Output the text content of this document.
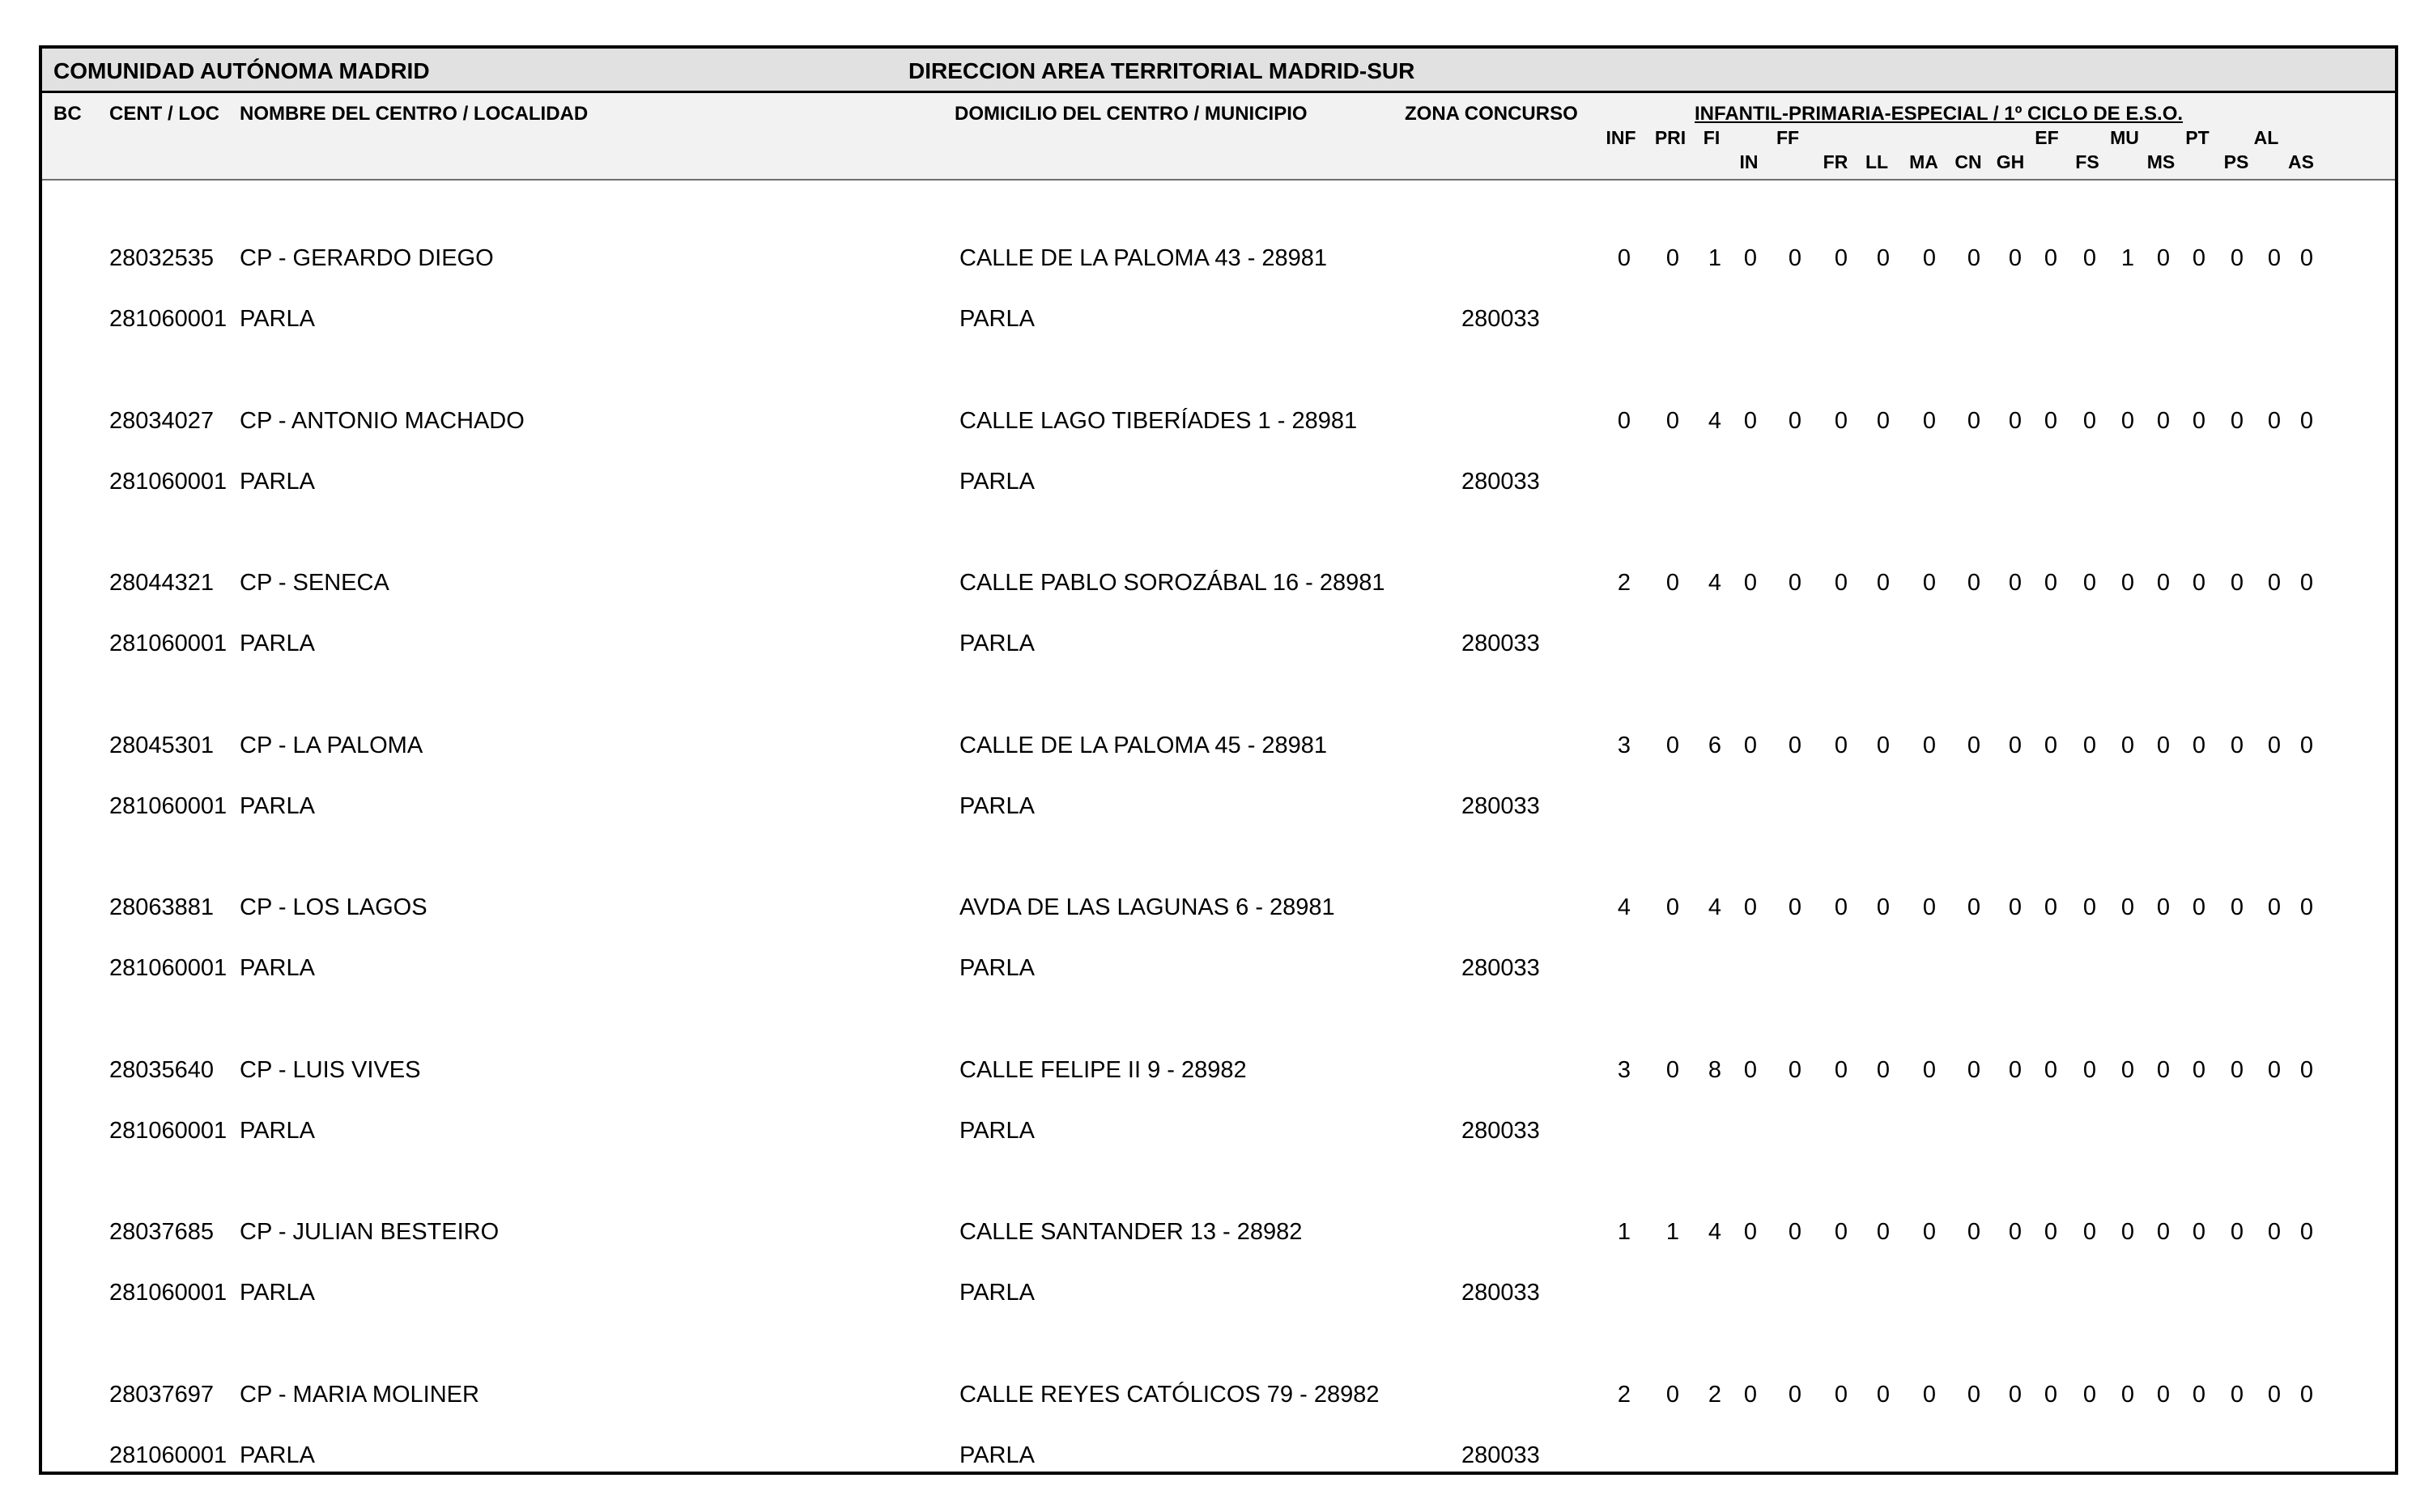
COMUNIDAD AUTÓNOMA MADRID	DIRECCION AREA TERRITORIAL MADRID-SUR
BC CENT / LOC NOMBRE DEL CENTRO / LOCALIDAD	DOMICILIO DEL CENTRO / MUNICIPIO	ZONA CONCURSO	INFANTIL-PRIMARIA-ESPECIAL / 1º CICLO DE E.S.O.
INF PRI FI	FF	EF	MU PT AL
IN	FR LL MA CN GH	FS	MS	PS AS
28032535 CP - GERARDO DIEGO	CALLE DE LA PALOMA 43 - 28981
281060001 PARLA	PARLA	280033
0 0 1 0 0 0 0 0 0 0 0 0 1 0 0 0 0 0
28034027 CP - ANTONIO MACHADO	CALLE LAGO TIBERÍADES 1 - 28981
281060001 PARLA	PARLA	280033
0 0 4 0 0 0 0 0 0 0 0 0 0 0 0 0 0 0
28044321 CP - SENECA	CALLE PABLO SOROZÁBAL 16 - 28981
281060001 PARLA	PARLA	280033
2 0 4 0 0 0 0 0 0 0 0 0 0 0 0 0 0 0
28045301 CP - LA PALOMA	CALLE DE LA PALOMA 45 - 28981
281060001 PARLA	PARLA	280033
3 0 6 0 0 0 0 0 0 0 0 0 0 0 0 0 0 0
28063881 CP - LOS LAGOS	AVDA DE LAS LAGUNAS 6 - 28981
281060001 PARLA	PARLA	280033
4 0 4 0 0 0 0 0 0 0 0 0 0 0 0 0 0 0
28035640 CP - LUIS VIVES	CALLE FELIPE II 9 - 28982
281060001 PARLA	PARLA	280033
3 0 8 0 0 0 0 0 0 0 0 0 0 0 0 0 0 0
28037685 CP - JULIAN BESTEIRO	CALLE SANTANDER 13 - 28982
281060001 PARLA	PARLA	280033
1 1 4 0 0 0 0 0 0 0 0 0 0 0 0 0 0 0
28037697 CP - MARIA MOLINER	CALLE REYES CATÓLICOS 79 - 28982
281060001 PARLA	PARLA	280033
2 0 2 0 0 0 0 0 0 0 0 0 0 0 0 0 0 0
